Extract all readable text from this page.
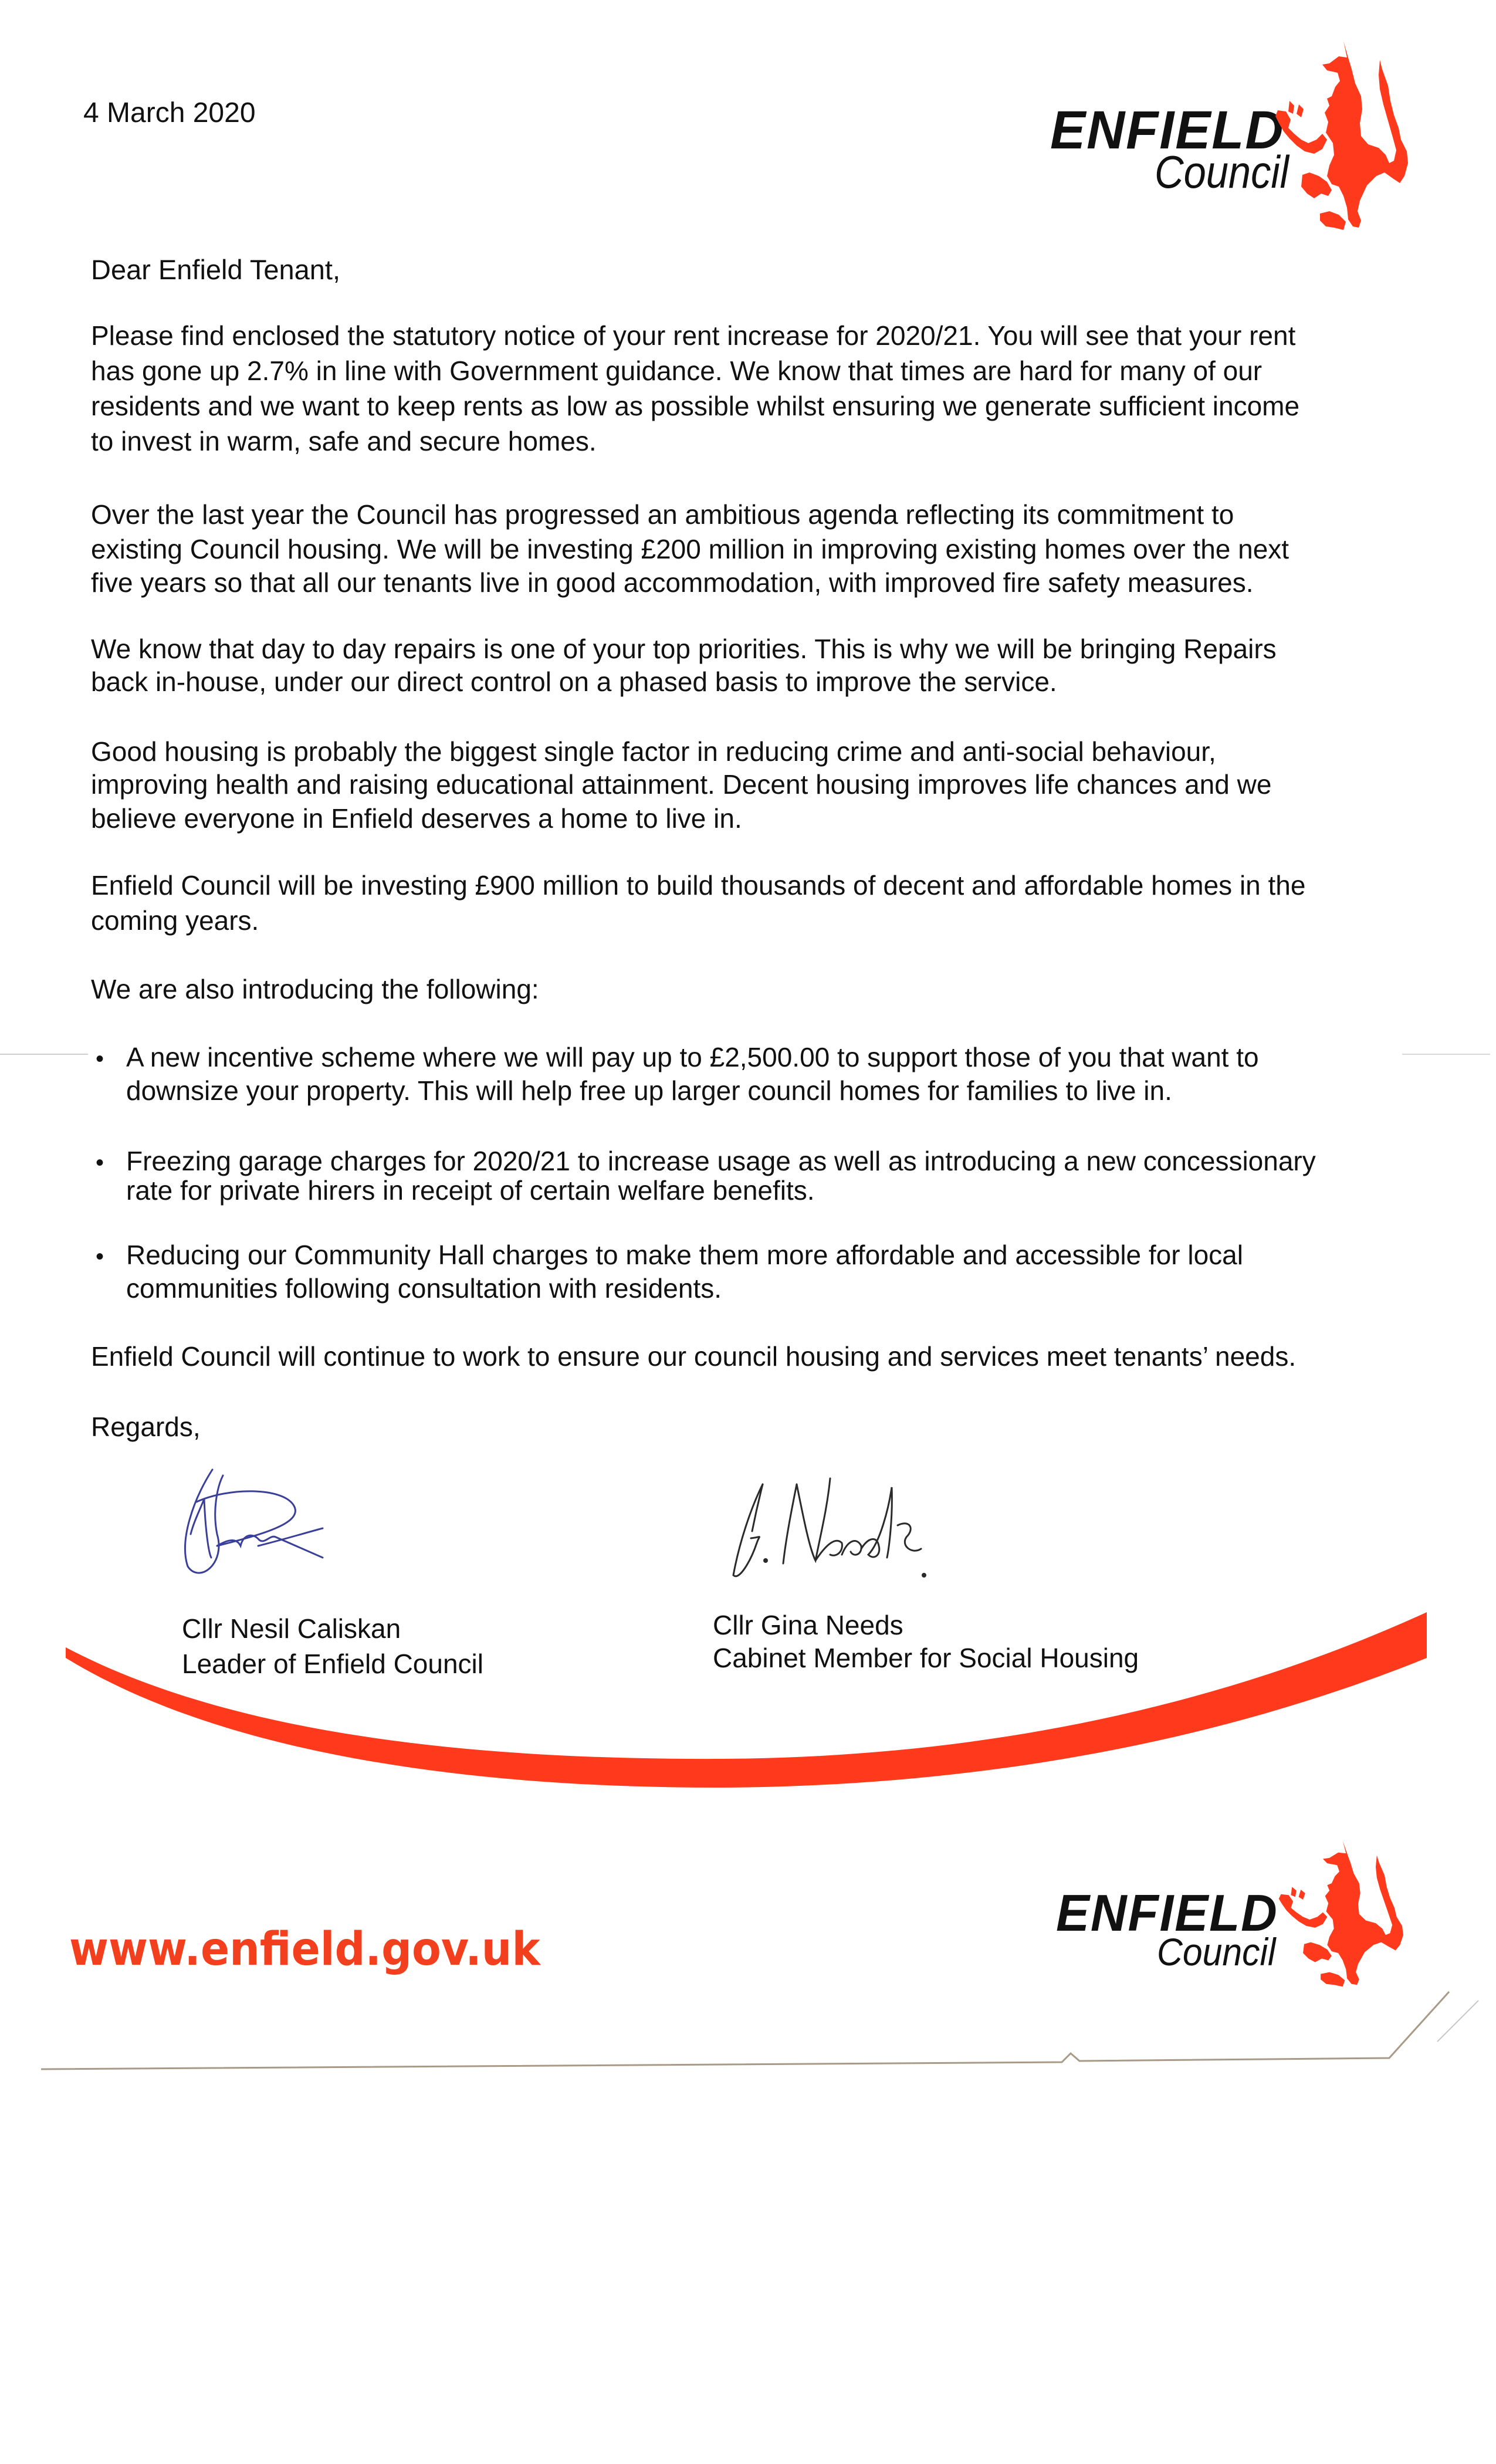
ENFIELD
Council
4 March 2020
Dear Enfield Tenant,
Please find enclosed the statutory notice of your rent increase for 2020/21. You will see that your rent
has gone up 2.7% in line with Government guidance. We know that times are hard for many of our
residents and we want to keep rents as low as possible whilst ensuring we generate sufficient income
to invest in warm, safe and secure homes.
Over the last year the Council has progressed an ambitious agenda reflecting its commitment to
existing Council housing. We will be investing £200 million in improving existing homes over the next
five years so that all our tenants live in good accommodation, with improved fire safety measures.
We know that day to day repairs is one of your top priorities. This is why we will be bringing Repairs
back in-house, under our direct control on a phased basis to improve the service.
Good housing is probably the biggest single factor in reducing crime and anti-social behaviour,
improving health and raising educational attainment. Decent housing improves life chances and we
believe everyone in Enfield deserves a home to live in.
Enfield Council will be investing £900 million to build thousands of decent and affordable homes in the
coming years.
We are also introducing the following:
• A new incentive scheme where we will pay up to £2,500.00 to support those of you that want to
downsize your property. This will help free up larger council homes for families to live in.
• Freezing garage charges for 2020/21 to increase usage as well as introducing a new concessionary
rate for private hirers in receipt of certain welfare benefits.
• Reducing our Community Hall charges to make them more affordable and accessible for local
communities following consultation with residents.
Enfield Council will continue to work to ensure our council housing and services meet tenants’ needs.
Regards,
Cllr Nesil Caliskan
Leader of Enfield Council
Cllr Gina Needs
Cabinet Member for Social Housing
www.enfield.gov.uk
ENFIELD
Council
